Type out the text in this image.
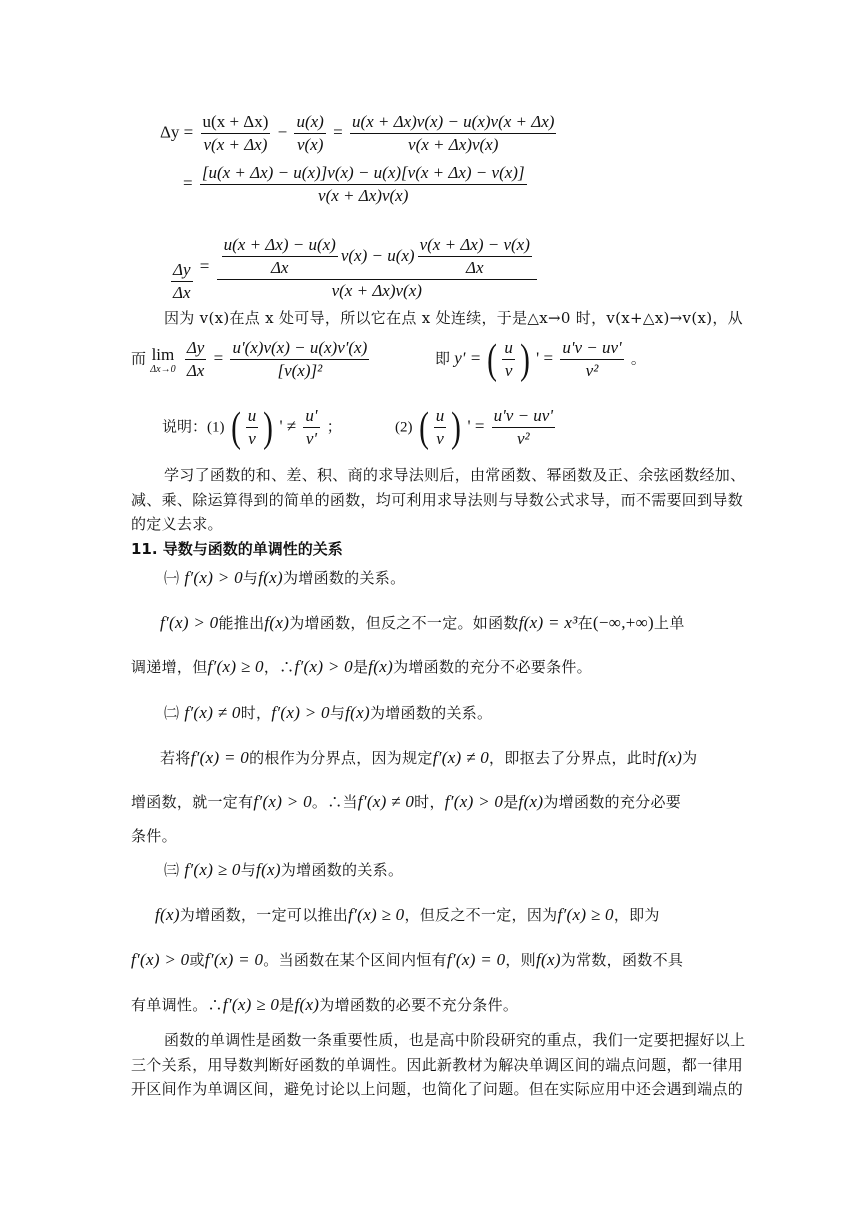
$\Delta y = \frac{u(x + \Delta x)}{v(x + \Delta x)} - \frac{u(x)}{v(x)} = \frac{u(x + \Delta x)v(x) - u(x)v(x + \Delta x)}{v(x + \Delta x)v(x)}$
= $\frac{[u(x + \Delta x) - u(x)]v(x) - u(x)[v(x + \Delta x) - v(x)]}{v(x + \Delta x)v(x)}$
$\frac{\Delta y}{\Delta x} = \frac{u(x + \Delta x) - u(x)}{\Delta x} v(x) - u(x) \frac{v(x + \Delta x) - v(x)}{\Delta x}$
v(x + Δx)v(x)
因为 v(x)在点 x 处可导，所以它在点 x 处连续，于是△x→0 时，v(x+△x)→v(x)，从
而 lim
Δx→0
$\frac{\Delta y}{\Delta x} = \frac{u'(x)v(x) - u(x)v'(x)}{\text{[v(x)]²}}$	即 y' = ( $\frac{u}{v}$ ) ' = $\frac{u'v - uv'}{\text{v²}}$ 。
说明：(1) ( $\frac{u}{v}$ ) ' ≠ $\frac{u'}{v'}$ ；	(2) ( $\frac{u}{v}$ ) ' = $\frac{u'v - uv'}{\text{v²}}$
学习了函数的和、差、积、商的求导法则后，由常函数、幂函数及正、余弦函数经加、
减、乘、除运算得到的简单的函数，均可利用求导法则与导数公式求导，而不需要回到导数
的定义去求。
11. 导数与函数的单调性的关系
㈠ f′(x) > 0与f(x)为增函数的关系。
f′(x) > 0能推出f(x)为增函数，但反之不一定。如函数f(x) = x³在(−∞,+∞)上单
调递增，但f′(x) ≥ 0，∴f′(x) > 0是f(x)为增函数的充分不必要条件。
㈡ f′(x) ≠ 0时，f′(x) > 0与f(x)为增函数的关系。
若将f′(x) = 0的根作为分界点，因为规定f′(x) ≠ 0，即抠去了分界点，此时f(x)为
增函数，就一定有f′(x) > 0。∴当f′(x) ≠ 0时，f′(x) > 0是f(x)为增函数的充分必要
条件。
㈢ f′(x) ≥ 0与f(x)为增函数的关系。
f(x)为增函数，一定可以推出f′(x) ≥ 0，但反之不一定，因为f′(x) ≥ 0，即为
f′(x) > 0或f′(x) = 0。当函数在某个区间内恒有f′(x) = 0，则f(x)为常数，函数不具
有单调性。∴f′(x) ≥ 0是f(x)为增函数的必要不充分条件。
函数的单调性是函数一条重要性质，也是高中阶段研究的重点，我们一定要把握好以上
三个关系，用导数判断好函数的单调性。因此新教材为解决单调区间的端点问题，都一律用
开区间作为单调区间，避免讨论以上问题，也简化了问题。但在实际应用中还会遇到端点的
